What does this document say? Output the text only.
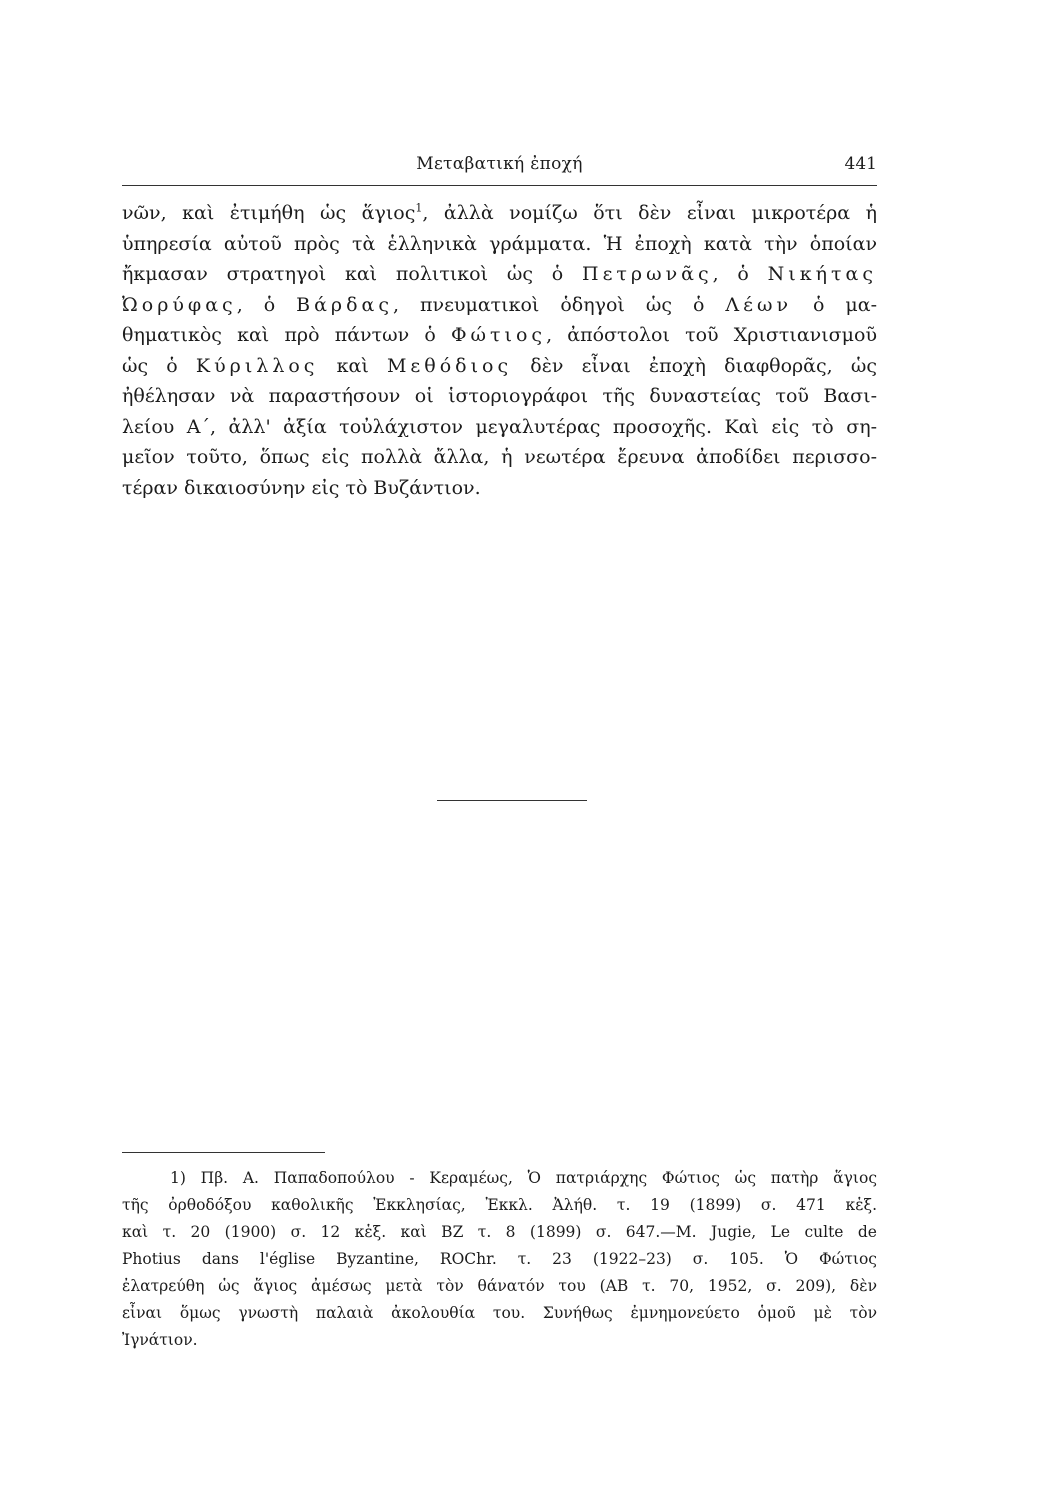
Μεταβατική ἐποχή	441
νῶν, καὶ ἐτιμήθη ὡς ἅγιος$^1$, ἀλλὰ νομίζω ὅτι δὲν εἶναι μικροτέρα ἡ
ὑπηρεσία αὐτοῦ πρὸς τὰ ἑλληνικὰ γράμματα. Ἡ ἐποχὴ κατὰ τὴν ὁποίαν
ἤκμασαν στρατηγοὶ καὶ πολιτικοὶ ὡς ὁ Πετρωνᾶς, ὁ Νικήτας
Ὠορύφας, ὁ Βάρδας, πνευματικοὶ ὁδηγοὶ ὡς ὁ Λέων ὁ μα-
θηματικὸς καὶ πρὸ πάντων ὁ Φώτιος, ἀπόστολοι τοῦ Χριστιανισμοῦ
ὡς ὁ Κύριλλος καὶ Μεθόδιος δὲν εἶναι ἐποχὴ διαφθορᾶς, ὡς
ἠθέλησαν νὰ παραστήσουν οἱ ἱστοριογράφοι τῆς δυναστείας τοῦ Βασι-
λείου Α΄, ἀλλ' ἀξία τοὐλάχιστον μεγαλυτέρας προσοχῆς. Καὶ εἰς τὸ ση-
μεῖον τοῦτο, ὅπως εἰς πολλὰ ἄλλα, ἡ νεωτέρα ἔρευνα ἀποδίδει περισσο-
τέραν δικαιοσύνην εἰς τὸ Βυζάντιον.
1) Πβ. Α. Παπαδοπούλου - Κεραμέως, Ὁ πατριάρχης Φώτιος ὡς πατὴρ ἅγιος
τῆς ὀρθοδόξου καθολικῆς Ἐκκλησίας, Ἐκκλ. Ἀλήθ. τ. 19 (1899) σ. 471 κἑξ.
καὶ τ. 20 (1900) σ. 12 κἑξ. καὶ ΒΖ τ. 8 (1899) σ. 647.—M. Jugie, Le culte de
Photius dans l'église Byzantine, ROChr. τ. 23 (1922–23) σ. 105. Ὁ Φώτιος
ἐλατρεύθη ὡς ἅγιος ἀμέσως μετὰ τὸν θάνατόν του (ΑΒ τ. 70, 1952, σ. 209), δὲν
εἶναι ὅμως γνωστὴ παλαιὰ ἀκολουθία του. Συνήθως ἐμνημονεύετο ὁμοῦ μὲ τὸν
Ἰγνάτιον.
